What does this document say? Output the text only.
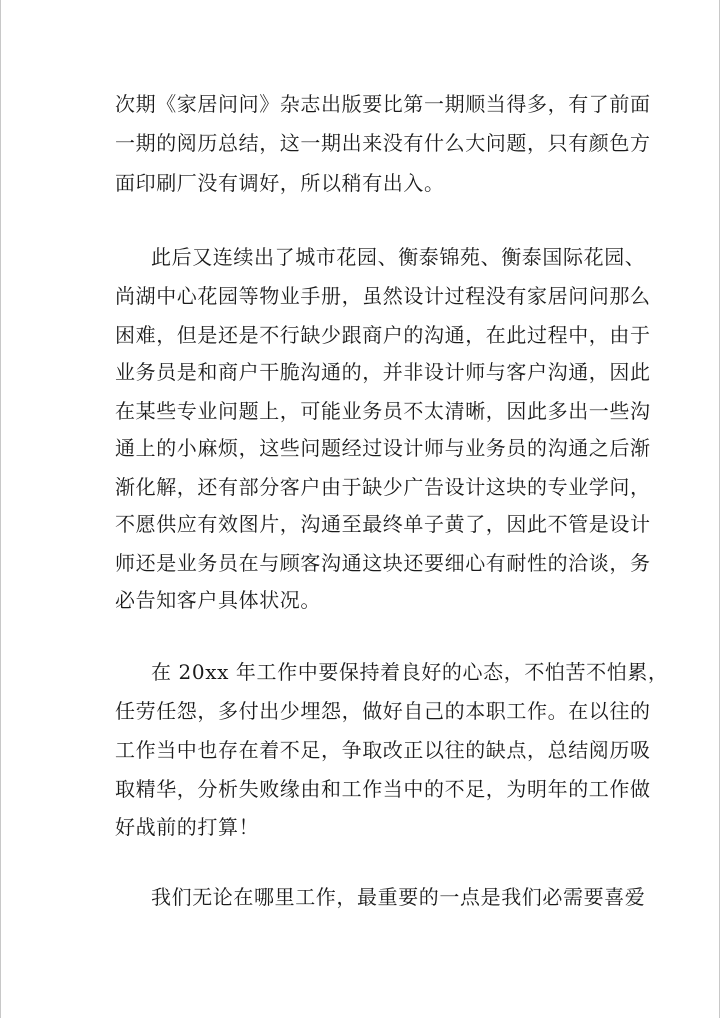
次期《家居问问》杂志出版要比第一期顺当得多，有了前面

一期的阅历总结，这一期出来没有什么大问题，只有颜色方

面印刷厂没有调好，所以稍有出入。

此后又连续出了城市花园、衡泰锦苑、衡泰国际花园、

尚湖中心花园等物业手册，虽然设计过程没有家居问问那么

困难，但是还是不行缺少跟商户的沟通，在此过程中，由于

业务员是和商户干脆沟通的，并非设计师与客户沟通，因此

在某些专业问题上，可能业务员不太清晰，因此多出一些沟

通上的小麻烦，这些问题经过设计师与业务员的沟通之后渐

渐化解，还有部分客户由于缺少广告设计这块的专业学问，

不愿供应有效图片，沟通至最终单子黄了，因此不管是设计

师还是业务员在与顾客沟通这块还要细心有耐性的洽谈，务

必告知客户具体状况。

在 20xx 年工作中要保持着良好的心态，不怕苦不怕累，

任劳任怨，多付出少埋怨，做好自己的本职工作。在以往的

工作当中也存在着不足，争取改正以往的缺点，总结阅历吸

取精华，分析失败缘由和工作当中的不足，为明年的工作做

好战前的打算！

我们无论在哪里工作，最重要的一点是我们必需要喜爱
